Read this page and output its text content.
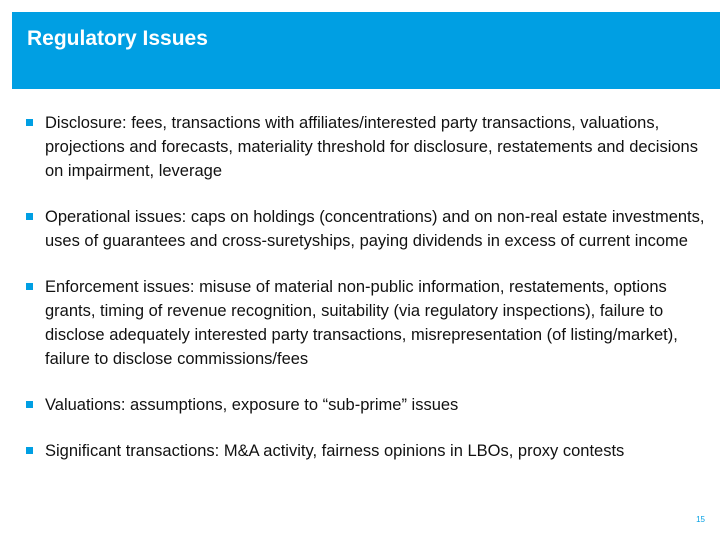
Regulatory Issues
Disclosure: fees, transactions with affiliates/interested party transactions, valuations, projections and forecasts, materiality threshold for disclosure, restatements and decisions on impairment, leverage
Operational issues: caps on holdings (concentrations) and on non-real estate investments, uses of guarantees and cross-suretyships, paying dividends in excess of current income
Enforcement issues: misuse of material non-public information, restatements, options grants, timing of revenue recognition, suitability (via regulatory inspections), failure to disclose adequately interested party transactions, misrepresentation (of listing/market), failure to disclose commissions/fees
Valuations: assumptions, exposure to “sub-prime” issues
Significant transactions: M&A activity, fairness opinions in LBOs, proxy contests
15
